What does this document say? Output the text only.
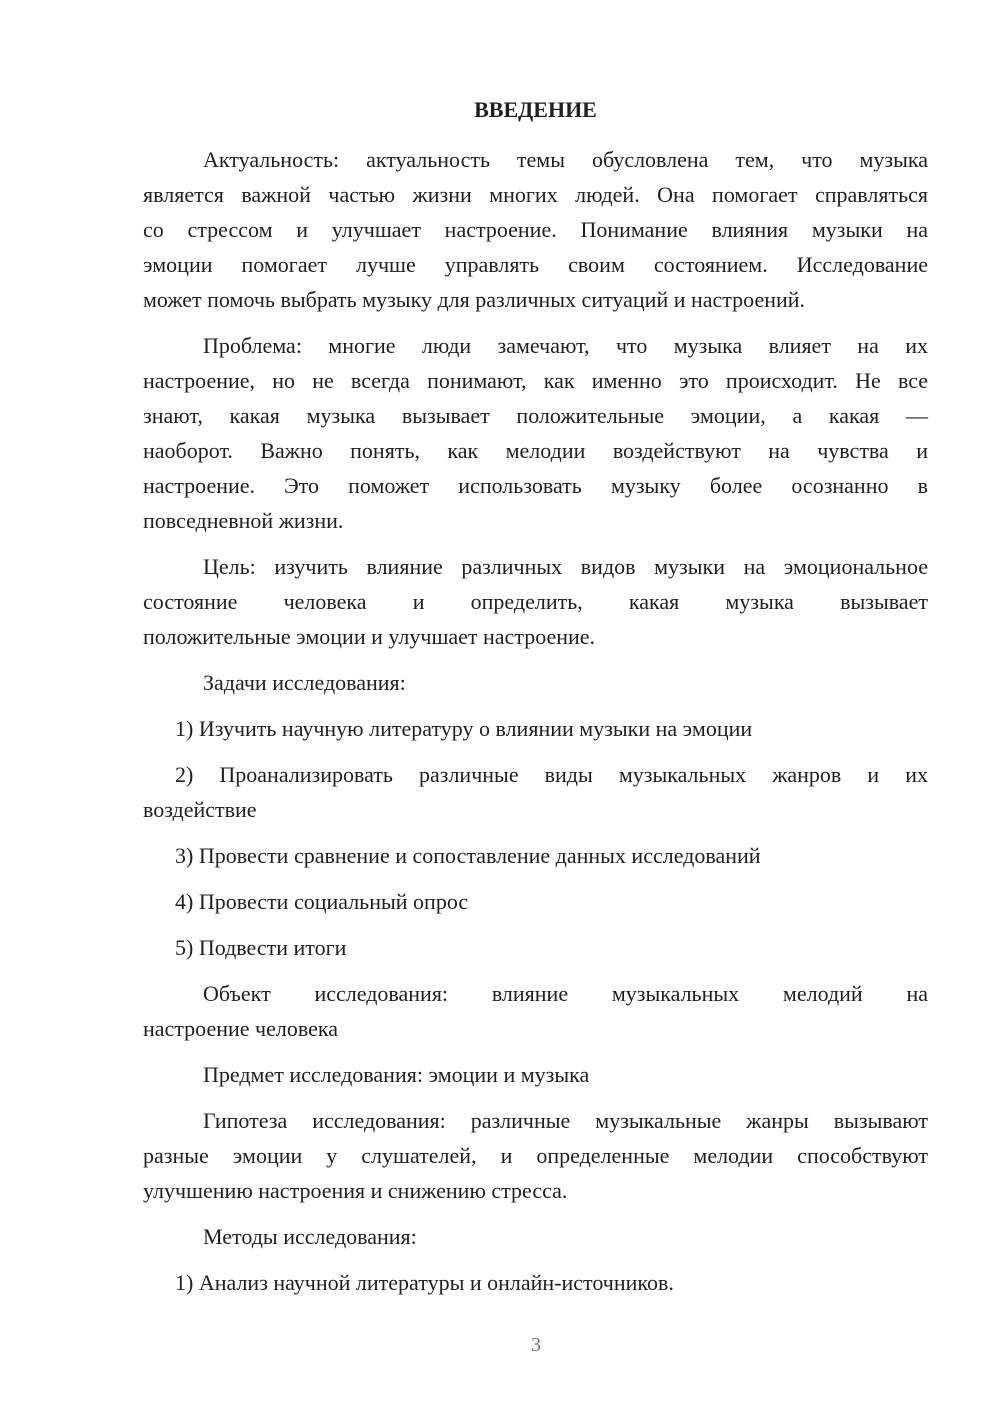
ВВЕДЕНИЕ
Актуальность: актуальность темы обусловлена тем, что музыка
является важной частью жизни многих людей. Она помогает справляться
со стрессом и улучшает настроение. Понимание влияния музыки на
эмоции помогает лучше управлять своим состоянием. Исследование
может помочь выбрать музыку для различных ситуаций и настроений.
Проблема: многие люди замечают, что музыка влияет на их
настроение, но не всегда понимают, как именно это происходит. Не все
знают, какая музыка вызывает положительные эмоции, а какая —
наоборот. Важно понять, как мелодии воздействуют на чувства и
настроение. Это поможет использовать музыку более осознанно в
повседневной жизни.
Цель: изучить влияние различных видов музыки на эмоциональное
состояние человека и определить, какая музыка вызывает
положительные эмоции и улучшает настроение.
Задачи исследования:
1) Изучить научную литературу о влиянии музыки на эмоции
2) Проанализировать различные виды музыкальных жанров и их
воздействие
3) Провести сравнение и сопоставление данных исследований
4) Провести социальный опрос
5) Подвести итоги
Объект исследования: влияние музыкальных мелодий на
настроение человека
Предмет исследования: эмоции и музыка
Гипотеза исследования: различные музыкальные жанры вызывают
разные эмоции у слушателей, и определенные мелодии способствуют
улучшению настроения и снижению стресса.
Методы исследования:
1) Анализ научной литературы и онлайн-источников.
3
